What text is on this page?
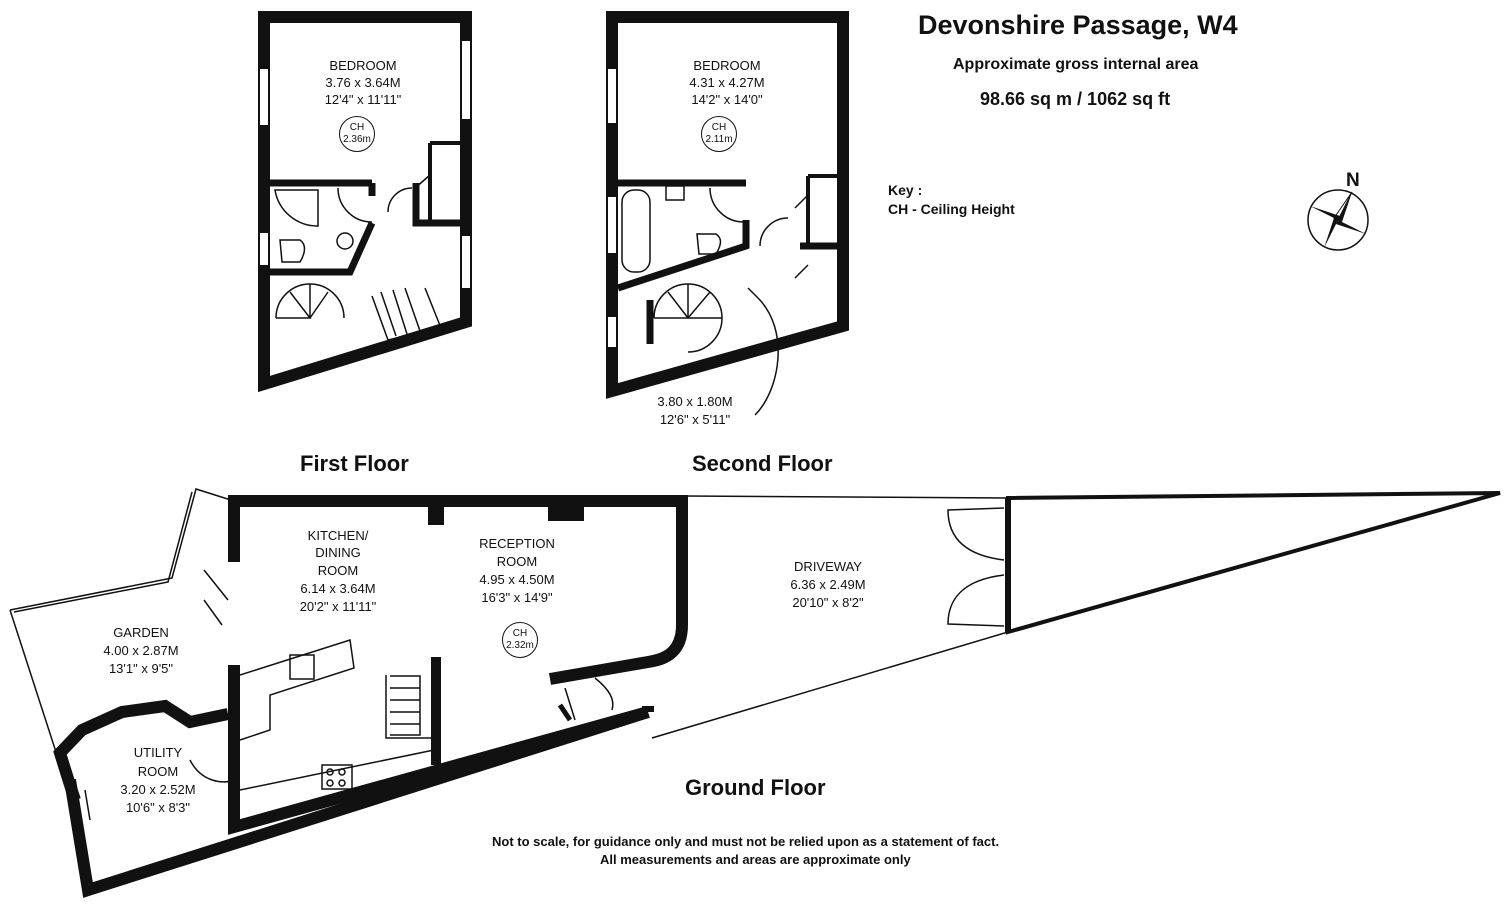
Devonshire Passage, W4
Approximate gross internal area
98.66 sq m / 1062 sq ft
Key :
CH - Ceiling Height
N
BEDROOM
3.76 x 3.64M
12'4" x 11'11"
CH
2.36m
BEDROOM
4.31 x 4.27M
14'2" x 14'0"
CH
2.11m
3.80 x 1.80M
12'6" x 5'11"
First Floor	Second Floor
Ground Floor
KITCHEN/
DINING
ROOM
6.14 x 3.64M
20'2" x 11'11"
RECEPTION
ROOM
4.95 x 4.50M
16'3" x 14'9"
CH
2.32m
GARDEN
4.00 x 2.87M
13'1" x 9'5"
UTILITY
ROOM
3.20 x 2.52M
10'6" x 8'3"
DRIVEWAY
6.36 x 2.49M
20'10" x 8'2"
Not to scale, for guidance only and must not be relied upon as a statement of fact.
All measurements and areas are approximate only
